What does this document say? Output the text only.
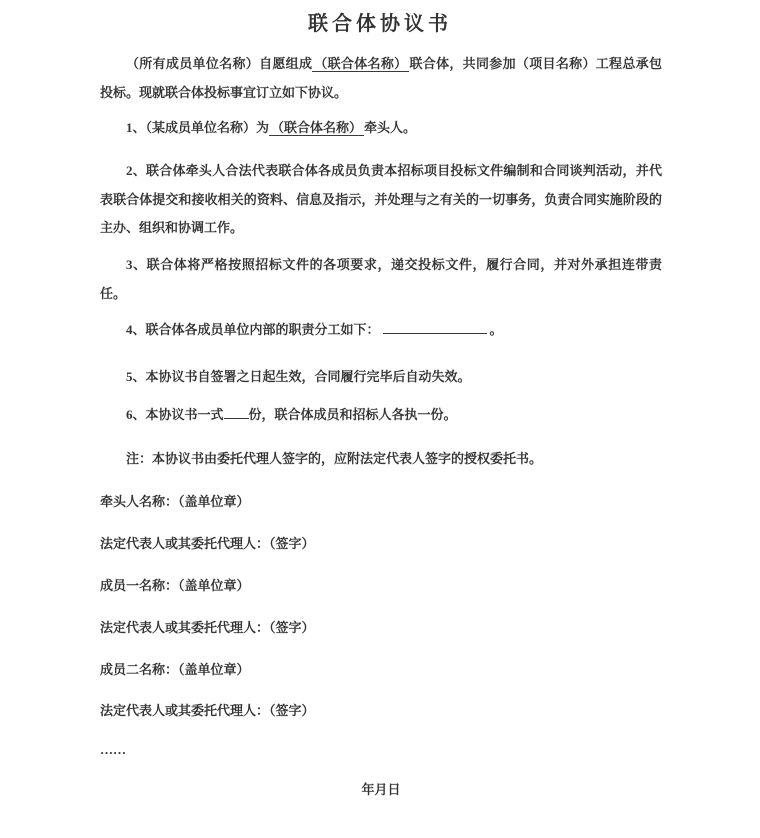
联合体协议书

（所有成员单位名称）自愿组成 （联合体名称） 联合体，共同参加（项目名称）工程总承包投标。现就联合体投标事宜订立如下协议。

1、（某成员单位名称）为 （联合体名称） 牵头人。

2、联合体牵头人合法代表联合体各成员负责本招标项目投标文件编制和合同谈判活动，并代表联合体提交和接收相关的资料、信息及指示，并处理与之有关的一切事务，负责合同实施阶段的主办、组织和协调工作。

3、联合体将严格按照招标文件的各项要求，递交投标文件，履行合同，并对外承担连带责任。

4、联合体各成员单位内部的职责分工如下：	。

5、本协议书自签署之日起生效，合同履行完毕后自动失效。

6、本协议书一式 份，联合体成员和招标人各执一份。

注：本协议书由委托代理人签字的，应附法定代表人签字的授权委托书。

牵头人名称：（盖单位章）

法定代表人或其委托代理人：（签字）

成员一名称：（盖单位章）

法定代表人或其委托代理人：（签字）

成员二名称：（盖单位章）

法定代表人或其委托代理人：（签字）

……

年月日
